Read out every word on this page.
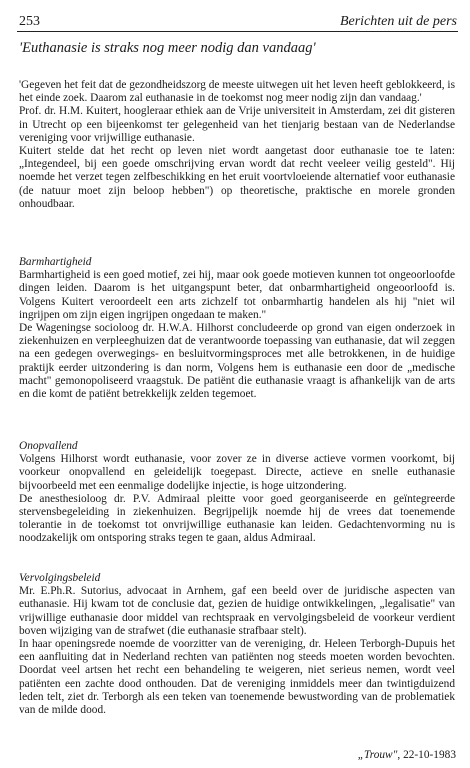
253	Berichten uit de pers
'Euthanasie is straks nog meer nodig dan vandaag'

'Gegeven het feit dat de gezondheidszorg de meeste uitwegen uit het leven heeft geblokkeerd, is het einde zoek. Daarom zal euthanasie in de toekomst nog meer nodig zijn dan vandaag.'

Prof. dr. H.M. Kuitert, hoogleraar ethiek aan de Vrije universiteit in Amsterdam, zei dit gisteren in Utrecht op een bijeenkomst ter gelegenheid van het tienjarig bestaan van de Nederlandse vereniging voor vrijwillige euthanasie.

Kuitert stelde dat het recht op leven niet wordt aangetast door euthanasie toe te laten: „Integendeel, bij een goede omschrijving ervan wordt dat recht veeleer veilig gesteld". Hij noemde het verzet tegen zelfbeschikking en het eruit voortvloeiende alternatief voor euthanasie (de natuur moet zijn beloop hebben") op theoretische, praktische en morele gronden onhoudbaar.

Barmhartigheid

Barmhartigheid is een goed motief, zei hij, maar ook goede motieven kunnen tot ongeoorloofde dingen leiden. Daarom is het uitgangspunt beter, dat onbarmhartigheid ongeoorloofd is. Volgens Kuitert veroordeelt een arts zichzelf tot onbarmhartig handelen als hij "niet wil ingrijpen om zijn eigen ingrijpen ongedaan te maken."

De Wageningse socioloog dr. H.W.A. Hilhorst concludeerde op grond van eigen onderzoek in ziekenhuizen en verpleeghuizen dat de verantwoorde toepassing van euthanasie, dat wil zeggen na een gedegen overwegings- en besluitvormingsproces met alle betrokkenen, in de huidige praktijk eerder uitzondering is dan norm, Volgens hem is euthanasie een door de „medische macht" gemonopoliseerd vraagstuk. De patiënt die euthanasie vraagt is afhankelijk van de arts en die komt de patiënt betrekkelijk zelden tegemoet.

Onopvallend

Volgens Hilhorst wordt euthanasie, voor zover ze in diverse actieve vormen voorkomt, bij voorkeur onopvallend en geleidelijk toegepast. Directe, actieve en snelle euthanasie bijvoorbeeld met een eenmalige dodelijke injectie, is hoge uitzondering.

De anesthesioloog dr. P.V. Admiraal pleitte voor goed georganiseerde en geïntegreerde stervensbegeleiding in ziekenhuizen. Begrijpelijk noemde hij de vrees dat toenemende tolerantie in de toekomst tot onvrijwillige euthanasie kan leiden. Gedachtenvorming nu is noodzakelijk om ontsporing straks tegen te gaan, aldus Admiraal.

Vervolgingsbeleid

Mr. E.Ph.R. Sutorius, advocaat in Arnhem, gaf een beeld over de juridische aspecten van euthanasie. Hij kwam tot de conclusie dat, gezien de huidige ontwikkelingen, „legalisatie" van vrijwillige euthanasie door middel van rechtspraak en vervolgingsbeleid de voorkeur verdient boven wijziging van de strafwet (die euthanasie strafbaar stelt).

In haar openingsrede noemde de voorzitter van de vereniging, dr. Heleen Terborgh-Dupuis het een aanfluiting dat in Nederland rechten van patiënten nog steeds moeten worden bevochten. Doordat veel artsen het recht een behandeling te weigeren, niet serieus nemen, wordt veel patiënten een zachte dood onthouden. Dat de vereniging inmiddels meer dan twintigduizend leden telt, ziet dr. Terborgh als een teken van toenemende bewustwording van de problematiek van de milde dood.

„Trouw", 22-10-1983
